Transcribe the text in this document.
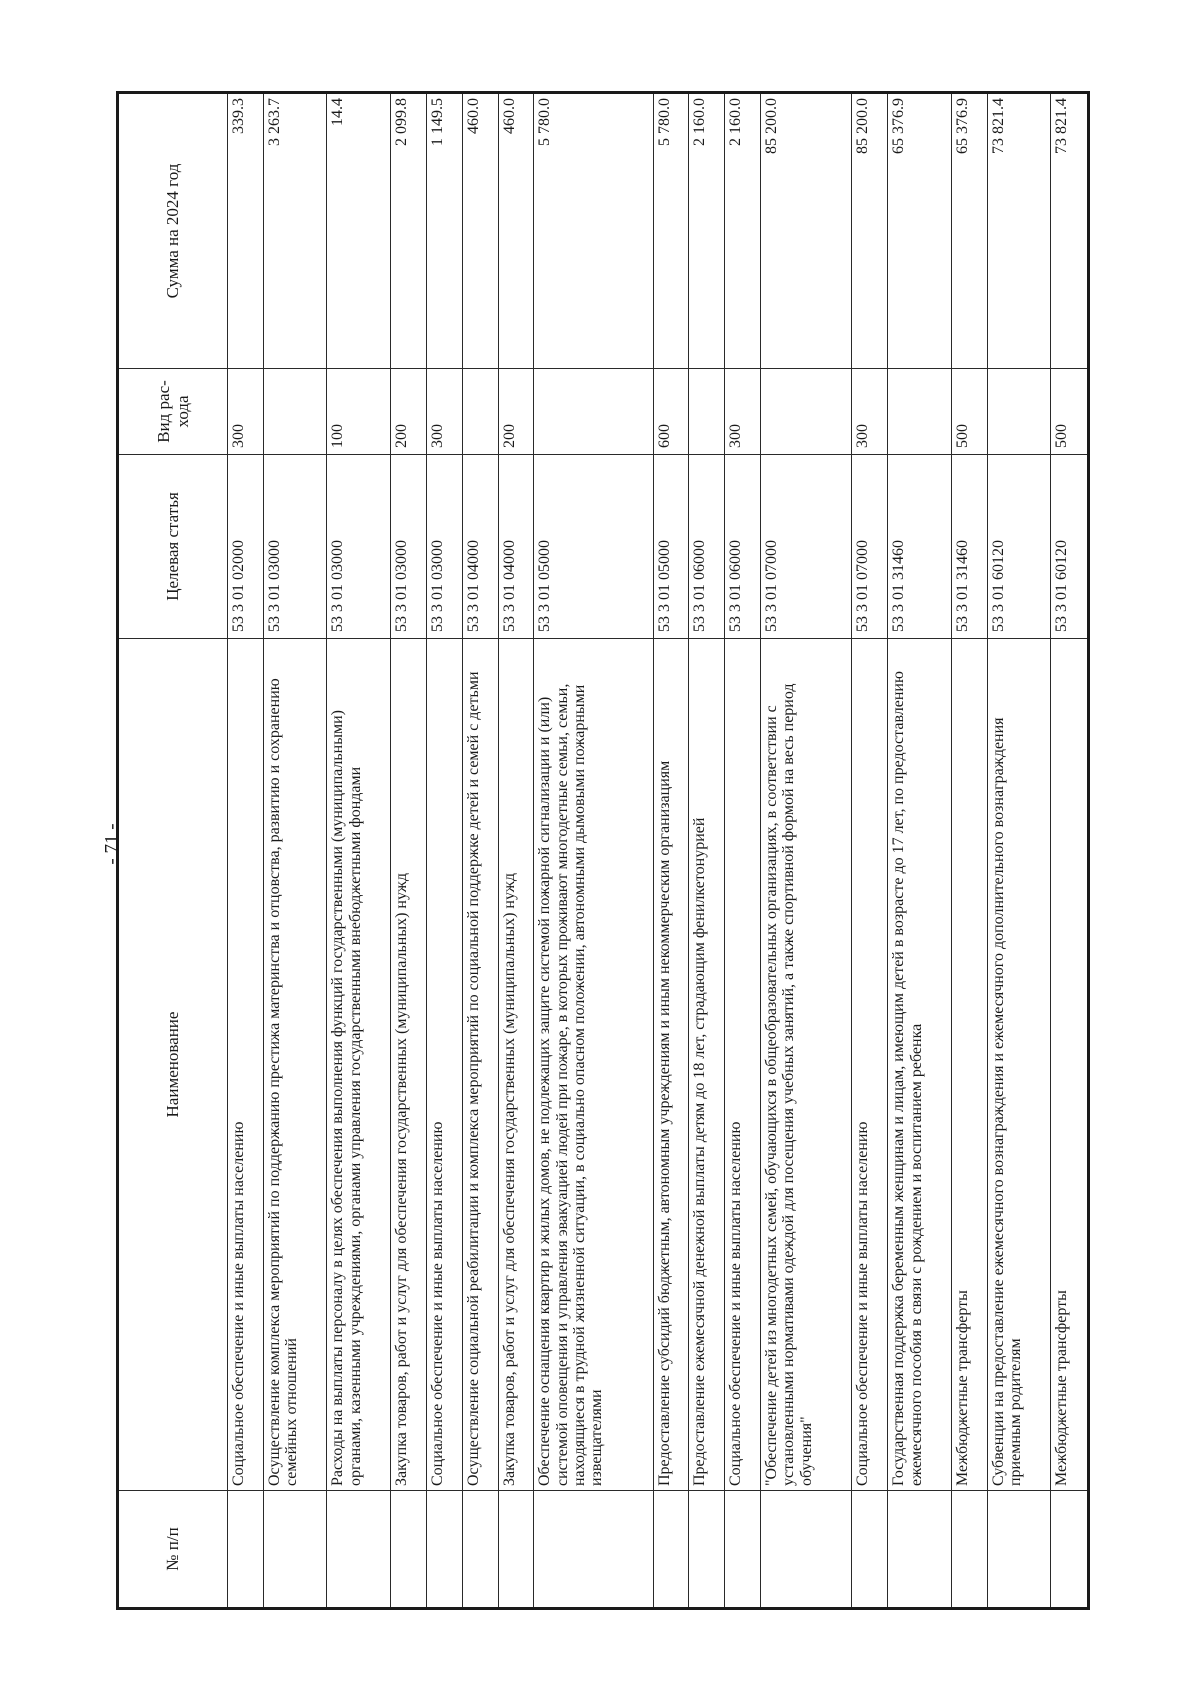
- 71 -
№ п/п	Наименование	Целевая статья	Вид рас-хода	Сумма на 2024 год
	Социальное обеспечение и иные выплаты населению	53 3 01 02000	300	339.3
	Осуществление комплекса мероприятий по поддержанию престижа материнства и отцовства, развитию и сохранению семейных отношений	53 3 01 03000		3 263.7
	Расходы на выплаты персоналу в целях обеспечения выполнения функций государственными (муниципальными) органами, казенными учреждениями, органами управления государственными внебюджетными фондами	53 3 01 03000	100	14.4
	Закупка товаров, работ и услуг для обеспечения государственных (муниципальных) нужд	53 3 01 03000	200	2 099.8
	Социальное обеспечение и иные выплаты населению	53 3 01 03000	300	1 149.5
	Осуществление социальной реабилитации и комплекса мероприятий по социальной поддержке детей и семей с детьми	53 3 01 04000		460.0
	Закупка товаров, работ и услуг для обеспечения государственных (муниципальных) нужд	53 3 01 04000	200	460.0
	Обеспечение оснащения квартир и жилых домов, не подлежащих защите системой пожарной сигнализации и (или) системой оповещения и управления эвакуацией людей при пожаре, в которых проживают многодетные семьи, семьи, находящиеся в трудной жизненной ситуации, в социально опасном положении, автономными дымовыми пожарными извещателями	53 3 01 05000		5 780.0
	Предоставление субсидий бюджетным, автономным учреждениям и иным некоммерческим организациям	53 3 01 05000	600	5 780.0
	Предоставление ежемесячной денежной выплаты детям до 18 лет, страдающим фенилкетонурией	53 3 01 06000		2 160.0
	Социальное обеспечение и иные выплаты населению	53 3 01 06000	300	2 160.0
	"Обеспечение детей из многодетных семей, обучающихся в общеобразовательных организациях, в соответствии с установленными нормативами одеждой для посещения учебных занятий, а также спортивной формой на весь период обучения"	53 3 01 07000		85 200.0
	Социальное обеспечение и иные выплаты населению	53 3 01 07000	300	85 200.0
	Государственная поддержка беременным женщинам и лицам, имеющим детей в возрасте до 17 лет, по предоставлению ежемесячного пособия в связи с рождением и воспитанием ребенка	53 3 01 31460		65 376.9
	Межбюджетные трансферты	53 3 01 31460	500	65 376.9
	Субвенции на предоставление ежемесячного вознаграждения и ежемесячного дополнительного вознаграждения приемным родителям	53 3 01 60120		73 821.4
	Межбюджетные трансферты	53 3 01 60120	500	73 821.4
